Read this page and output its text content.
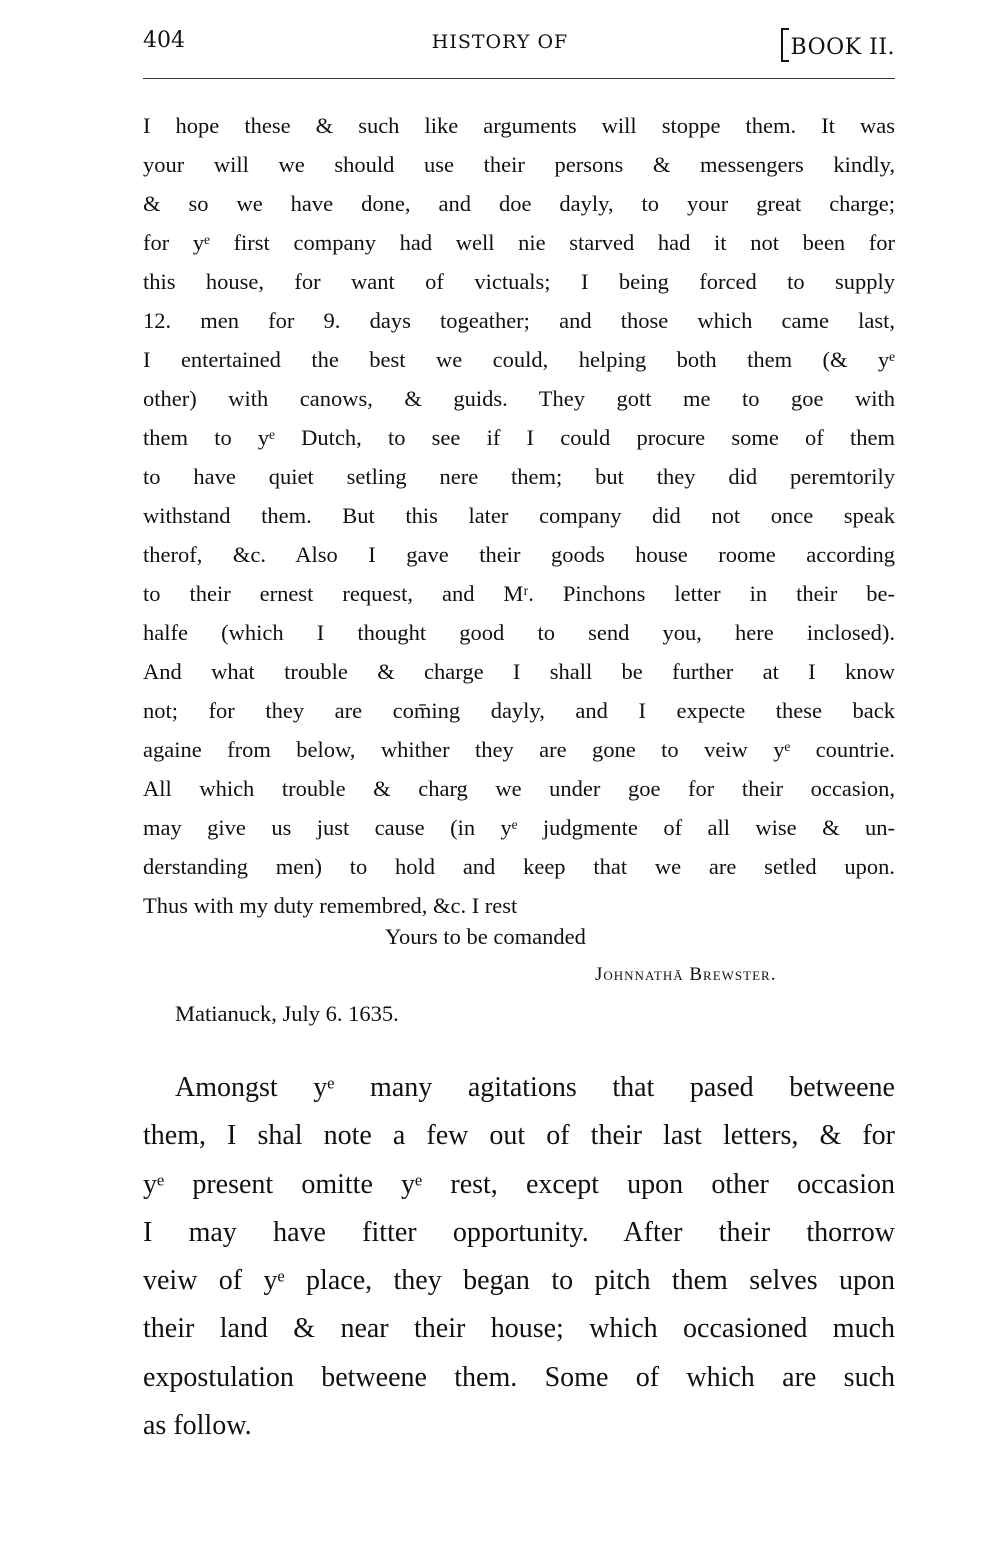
404	HISTORY OF	BOOK II.
I hope these & such like arguments will stoppe them. It was
your will we should use their persons & messengers kindly,
& so we have done, and doe dayly, to your great charge;
for yᵉ first company had well nie starved had it not been for
this house, for want of victuals; I being forced to supply
12. men for 9. days togeather; and those which came last,
I entertained the best we could, helping both them (& yᵉ
other) with canows, & guids. They gott me to goe with
them to yᵉ Dutch, to see if I could procure some of them
to have quiet setling nere them; but they did peremtorily
withstand them. But this later company did not once speak
therof, &c. Also I gave their goods house roome according
to their ernest request, and Mʳ. Pinchons letter in their be-
halfe (which I thought good to send you, here inclosed).
And what trouble & charge I shall be further at I know
not; for they are com̄ing dayly, and I expecte these back
againe from below, whither they are gone to veiw yᵉ countrie.
All which trouble & charg we under goe for their occasion,
may give us just cause (in yᵉ judgmente of all wise & un-
derstanding men) to hold and keep that we are setled upon.
Thus with my duty remembred, &c. I rest
Yours to be comanded
Johnnathā Brewster.
Matianuck, July 6. 1635.
Amongst yᵉ many agitations that pased betweene
them, I shal note a few out of their last letters, & for
yᵉ present omitte yᵉ rest, except upon other occasion
I may have fitter opportunity. After their thorrow
veiw of yᵉ place, they began to pitch them selves upon
their land & near their house; which occasioned much
expostulation betweene them. Some of which are such
as follow.
